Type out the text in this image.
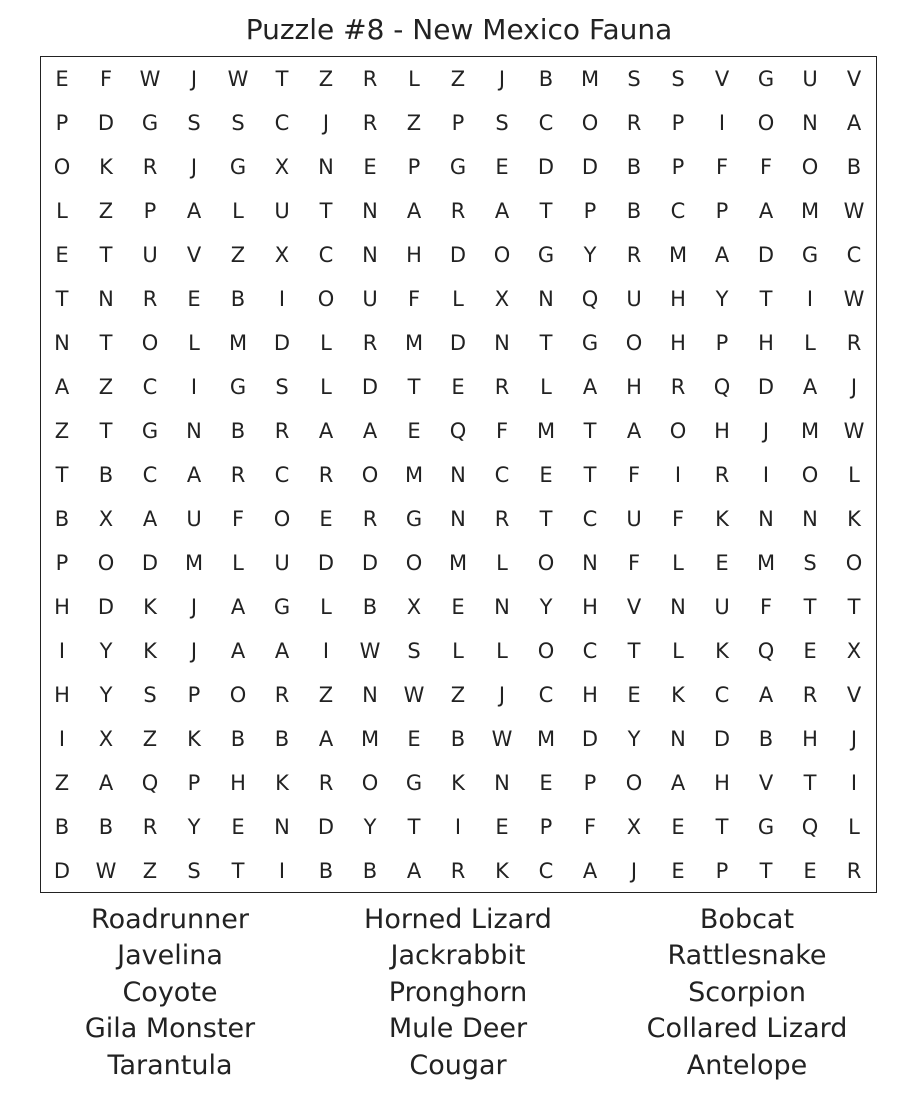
Puzzle #8 - New Mexico Fauna
E	F	W	J	W	T	Z	R	L	Z	J	B	M	S	S	V	G	U	V
P	D	G	S	S	C	J	R	Z	P	S	C	O	R	P	I	O	N	A
O	K	R	J	G	X	N	E	P	G	E	D	D	B	P	F	F	O	B
L	Z	P	A	L	U	T	N	A	R	A	T	P	B	C	P	A	M	W
E	T	U	V	Z	X	C	N	H	D	O	G	Y	R	M	A	D	G	C
T	N	R	E	B	I	O	U	F	L	X	N	Q	U	H	Y	T	I	W
N	T	O	L	M	D	L	R	M	D	N	T	G	O	H	P	H	L	R
A	Z	C	I	G	S	L	D	T	E	R	L	A	H	R	Q	D	A	J
Z	T	G	N	B	R	A	A	E	Q	F	M	T	A	O	H	J	M	W
T	B	C	A	R	C	R	O	M	N	C	E	T	F	I	R	I	O	L
B	X	A	U	F	O	E	R	G	N	R	T	C	U	F	K	N	N	K
P	O	D	M	L	U	D	D	O	M	L	O	N	F	L	E	M	S	O
H	D	K	J	A	G	L	B	X	E	N	Y	H	V	N	U	F	T	T
I	Y	K	J	A	A	I	W	S	L	L	O	C	T	L	K	Q	E	X
H	Y	S	P	O	R	Z	N	W	Z	J	C	H	E	K	C	A	R	V
I	X	Z	K	B	B	A	M	E	B	W	M	D	Y	N	D	B	H	J
Z	A	Q	P	H	K	R	O	G	K	N	E	P	O	A	H	V	T	I
B	B	R	Y	E	N	D	Y	T	I	E	P	F	X	E	T	G	Q	L
D	W	Z	S	T	I	B	B	A	R	K	C	A	J	E	P	T	E	R
Roadrunner
Javelina
Coyote
Gila Monster
Tarantula
Horned Lizard
Jackrabbit
Pronghorn
Mule Deer
Cougar
Bobcat
Rattlesnake
Scorpion
Collared Lizard
Antelope
